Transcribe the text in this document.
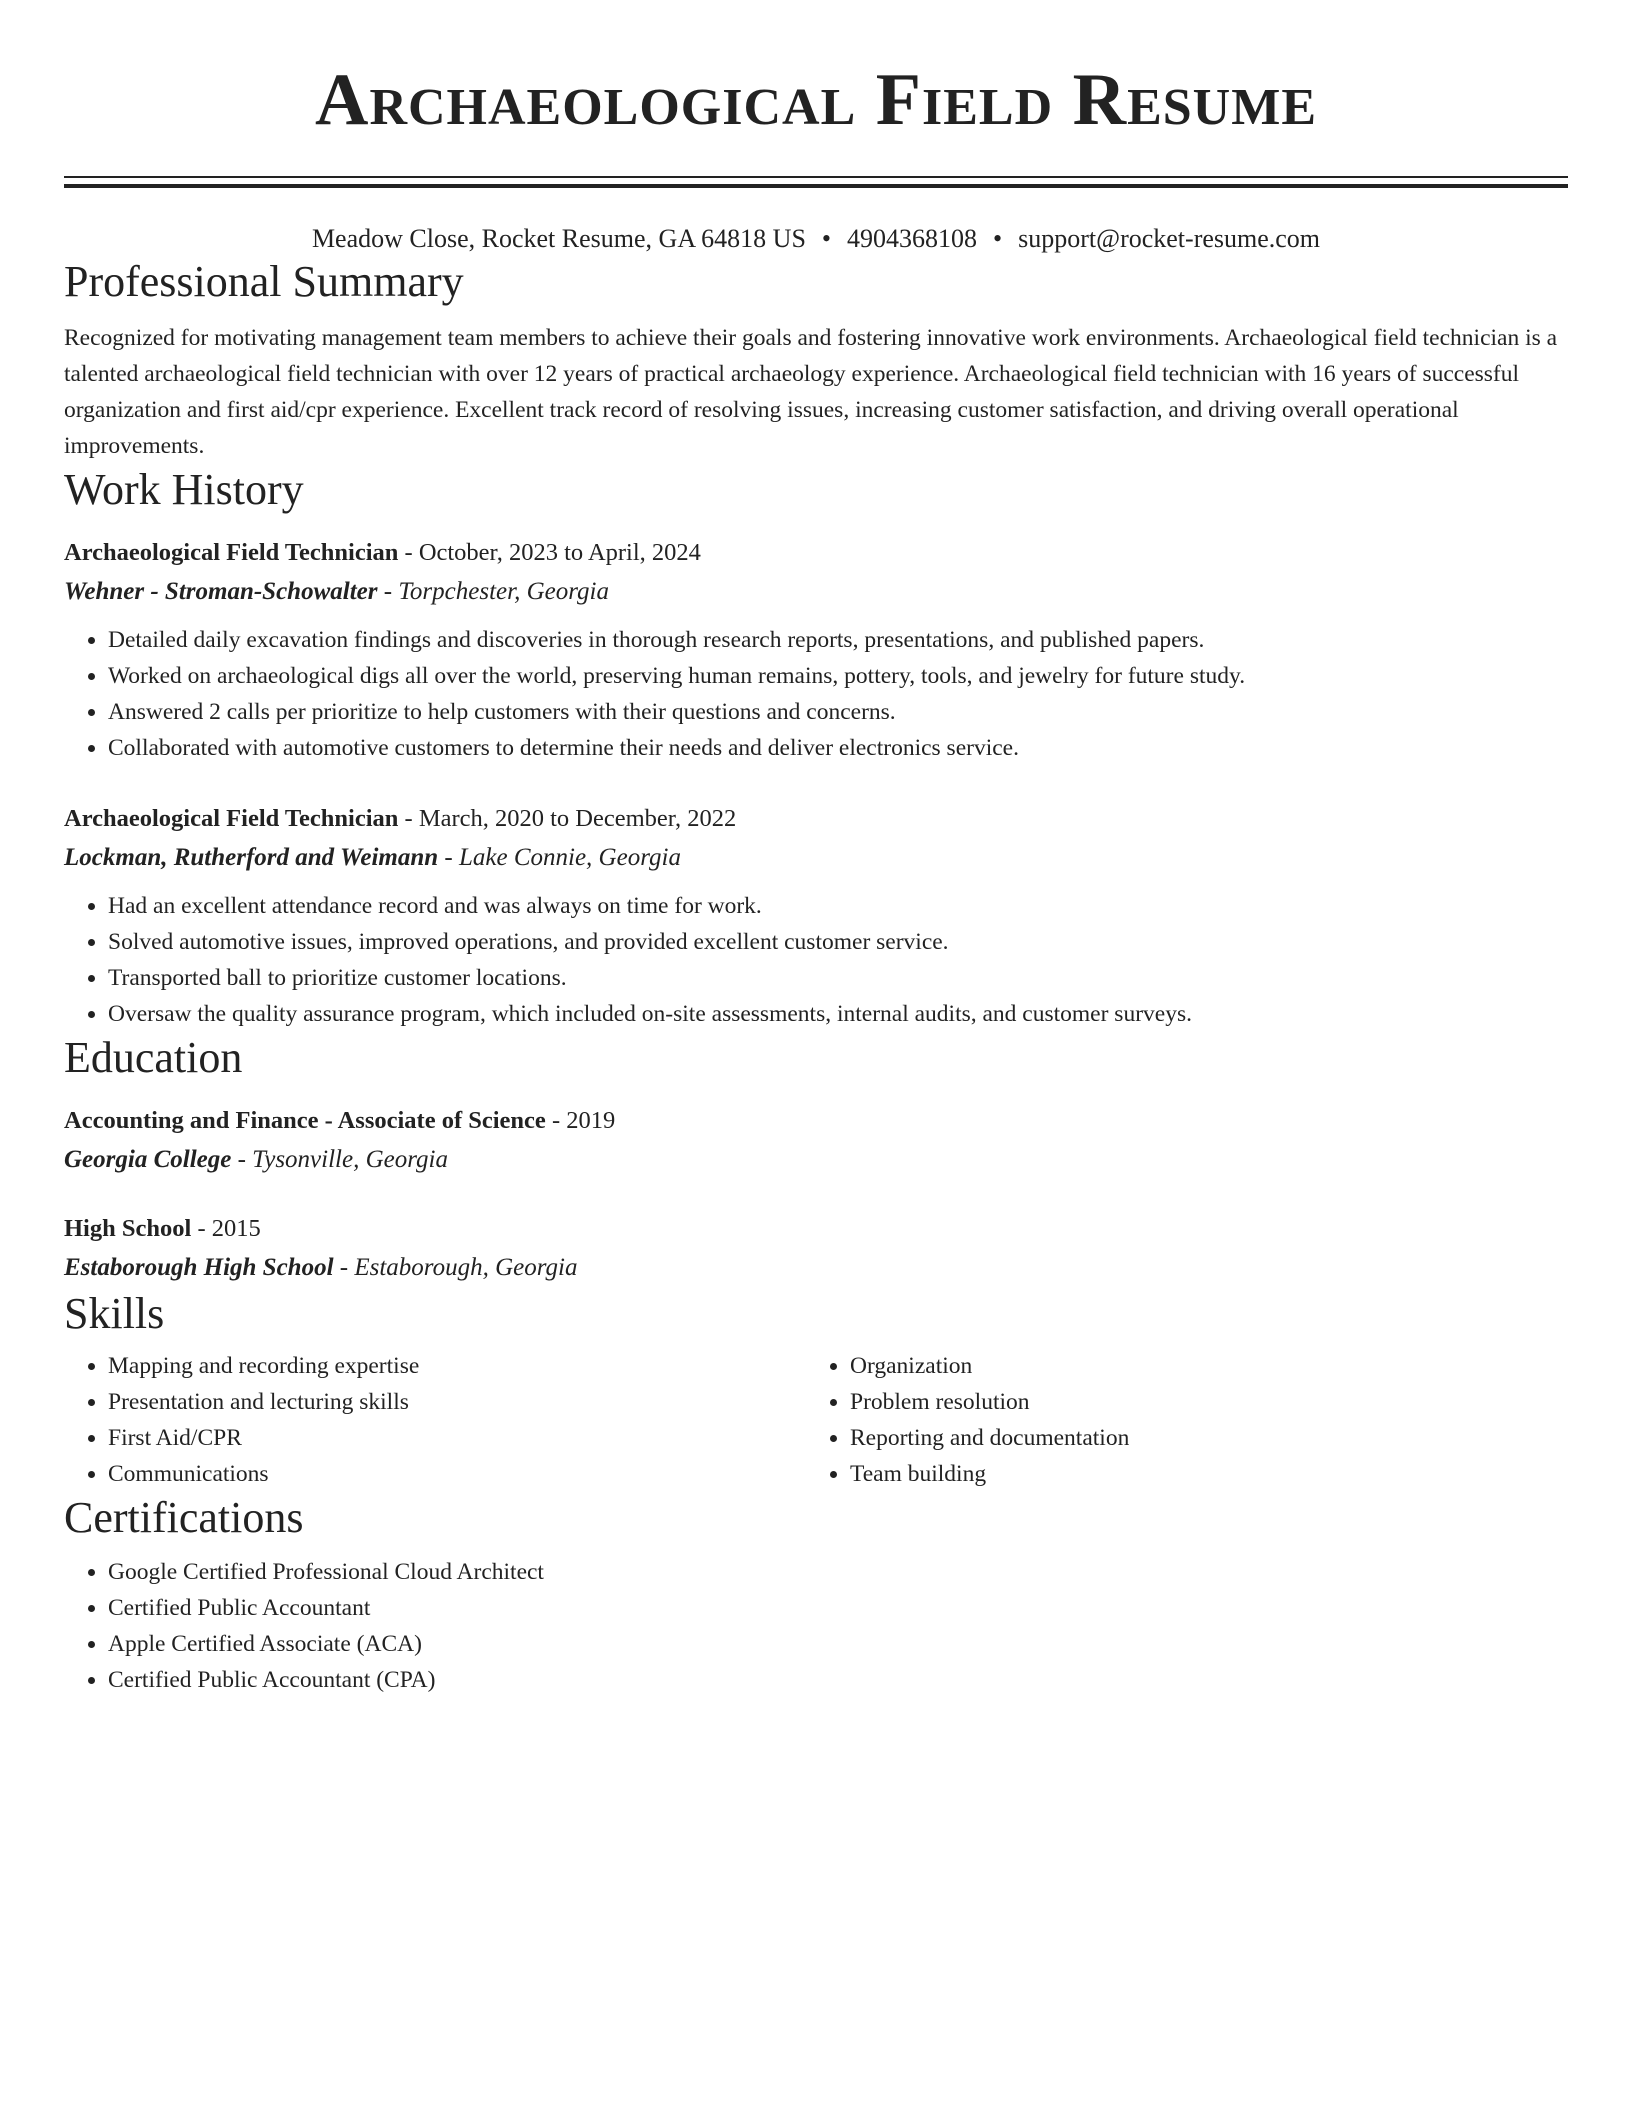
Archaeological Field Resume
Meadow Close, Rocket Resume, GA 64818 US • 4904368108 • support@rocket-resume.com
Professional Summary
Recognized for motivating management team members to achieve their goals and fostering innovative work environments. Archaeological field technician is a talented archaeological field technician with over 12 years of practical archaeology experience. Archaeological field technician with 16 years of successful organization and first aid/cpr experience. Excellent track record of resolving issues, increasing customer satisfaction, and driving overall operational improvements.
Work History
Archaeological Field Technician - October, 2023 to April, 2024
Wehner - Stroman-Schowalter - Torpchester, Georgia
• Detailed daily excavation findings and discoveries in thorough research reports, presentations, and published papers.
• Worked on archaeological digs all over the world, preserving human remains, pottery, tools, and jewelry for future study.
• Answered 2 calls per prioritize to help customers with their questions and concerns.
• Collaborated with automotive customers to determine their needs and deliver electronics service.
Archaeological Field Technician - March, 2020 to December, 2022
Lockman, Rutherford and Weimann - Lake Connie, Georgia
• Had an excellent attendance record and was always on time for work.
• Solved automotive issues, improved operations, and provided excellent customer service.
• Transported ball to prioritize customer locations.
• Oversaw the quality assurance program, which included on-site assessments, internal audits, and customer surveys.
Education
Accounting and Finance - Associate of Science - 2019
Georgia College - Tysonville, Georgia
High School - 2015
Estaborough High School - Estaborough, Georgia
Skills
• Mapping and recording expertise
• Presentation and lecturing skills
• First Aid/CPR
• Communications
• Organization
• Problem resolution
• Reporting and documentation
• Team building
Certifications
• Google Certified Professional Cloud Architect
• Certified Public Accountant
• Apple Certified Associate (ACA)
• Certified Public Accountant (CPA)
